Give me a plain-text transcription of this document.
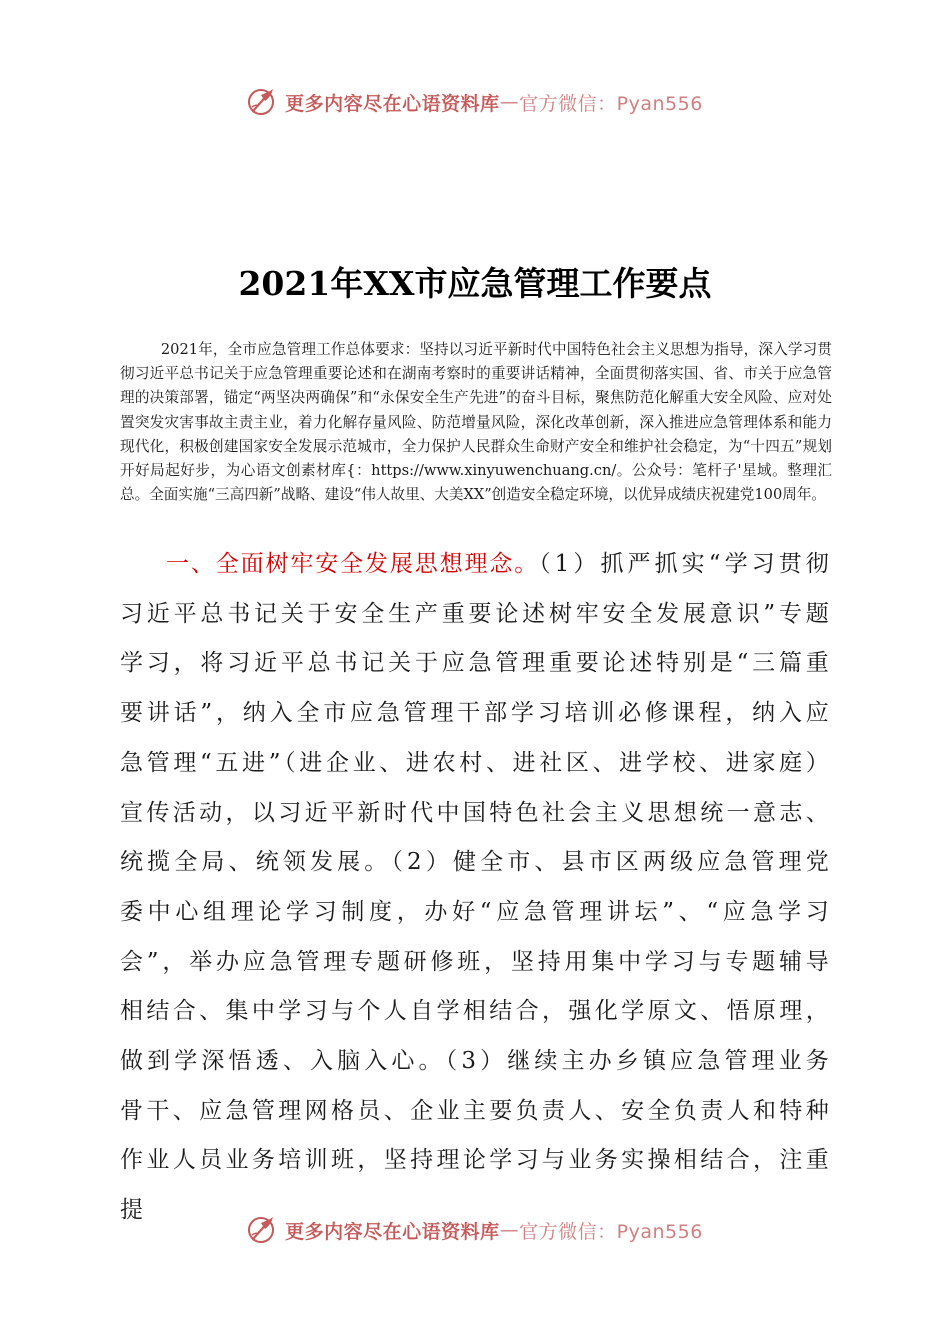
更多内容尽在心语资料库 — 官方微信：Pyan556
2021年XX市应急管理工作要点

2021年，全市应急管理工作总体要求：坚持以习近平新时代中国特色社会主义思想为指导，深入学习贯彻习近平总书记关于应急管理重要论述和在湖南考察时的重要讲话精神，全面贯彻落实国、省、市关于应急管理的决策部署，锚定“两坚决两确保”和“永保安全生产先进”的奋斗目标，聚焦防范化解重大安全风险、应对处置突发灾害事故主责主业，着力化解存量风险、防范增量风险，深化改革创新，深入推进应急管理体系和能力现代化，积极创建国家安全发展示范城市，全力保护人民群众生命财产安全和维护社会稳定，为“十四五”规划开好局起好步，为心语文创素材库{：https://www.xinyuwenchuang.cn/。公众号：笔杆子'星域。整理汇总。全面实施“三高四新”战略、建设“伟人故里、大美XX”创造安全稳定环境，以优异成绩庆祝建党100周年。

一、全面树牢安全发展思想理念。（1）抓严抓实“学习贯彻习近平总书记关于安全生产重要论述树牢安全发展意识”专题学习，将习近平总书记关于应急管理重要论述特别是“三篇重要讲话”，纳入全市应急管理干部学习培训必修课程，纳入应急管理“五进”（进企业、进农村、进社区、进学校、进家庭）宣传活动，以习近平新时代中国特色社会主义思想统一意志、统揽全局、统领发展。（2）健全市、县市区两级应急管理党委中心组理论学习制度，办好“应急管理讲坛”、“应急学习会”，举办应急管理专题研修班，坚持用集中学习与专题辅导相结合、集中学习与个人自学相结合，强化学原文、悟原理，做到学深悟透、入脑入心。（3）继续主办乡镇应急管理业务骨干、应急管理网格员、企业主要负责人、安全负责人和特种作业人员业务培训班，坚持理论学习与业务实操相结合，注重提

更多内容尽在心语资料库 — 官方微信：Pyan556
